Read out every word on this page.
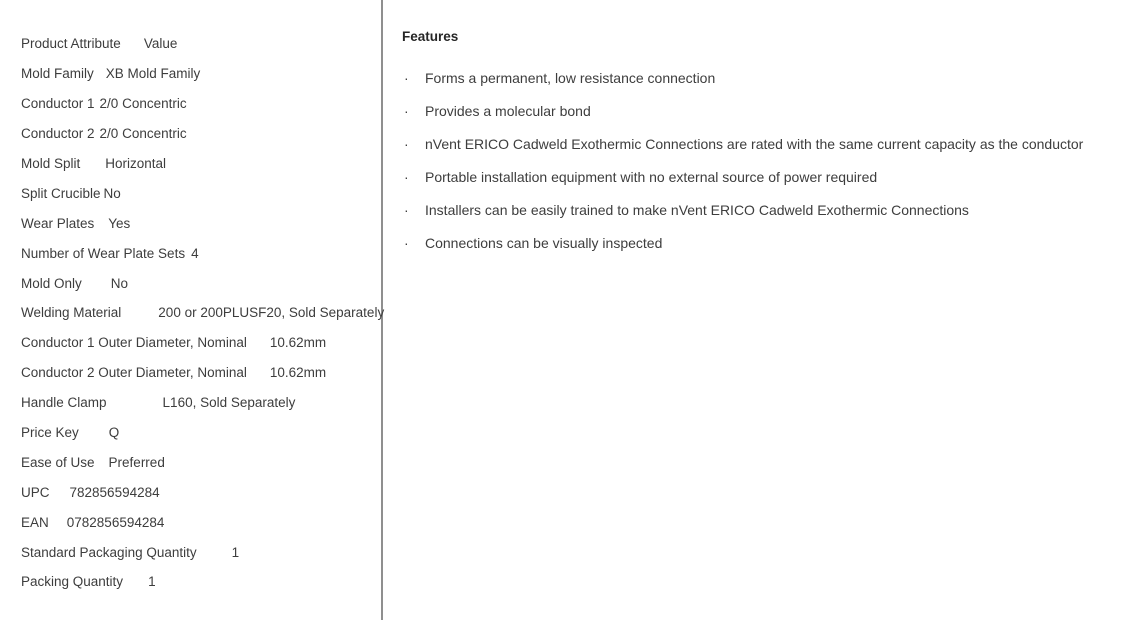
Product Attribute Value
Mold Family XB Mold Family
Conductor 1 2/0 Concentric
Conductor 2 2/0 Concentric
Mold Split Horizontal
Split Crucible No
Wear Plates Yes
Number of Wear Plate Sets 4
Mold Only No
Welding Material	200 or 200PLUSF20, Sold Separately
Conductor 1 Outer Diameter, Nominal 10.62mm
Conductor 2 Outer Diameter, Nominal 10.62mm
Handle Clamp	L160, Sold Separately
Price Key Q
Ease of Use Preferred
UPC 782856594284
EAN 0782856594284
Standard Packaging Quantity	1
Packing Quantity 1
Features
· Forms a permanent, low resistance connection
· Provides a molecular bond
· nVent ERICO Cadweld Exothermic Connections are rated with the same current capacity as the conductor
· Portable installation equipment with no external source of power required
· Installers can be easily trained to make nVent ERICO Cadweld Exothermic Connections
· Connections can be visually inspected
